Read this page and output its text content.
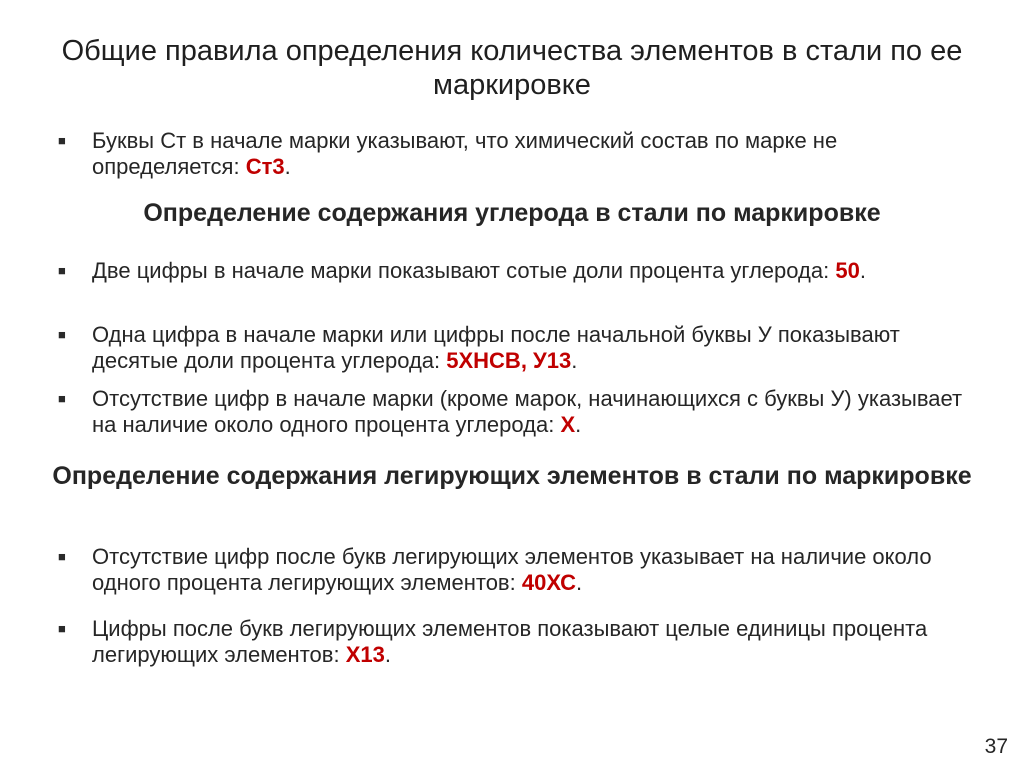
Общие правила определения количества элементов в стали по ее маркировке
■ Буквы Ст в начале марки указывают, что химический состав по марке не определяется: Ст3.
Определение содержания углерода в стали по маркировке
■ Две цифры в начале марки показывают сотые доли процента углерода: 50.
■ Одна цифра в начале марки или цифры после начальной буквы У показывают десятые доли процента углерода: 5ХНСВ, У13.
■ Отсутствие цифр в начале марки (кроме марок, начинающихся с буквы У) указывает на наличие около одного процента углерода: Х.
Определение содержания легирующих элементов в стали по маркировке
■ Отсутствие цифр после букв легирующих элементов указывает на наличие около одного процента легирующих элементов: 40ХС.
■ Цифры после букв легирующих элементов показывают целые единицы процента легирующих элементов: Х13.
37
